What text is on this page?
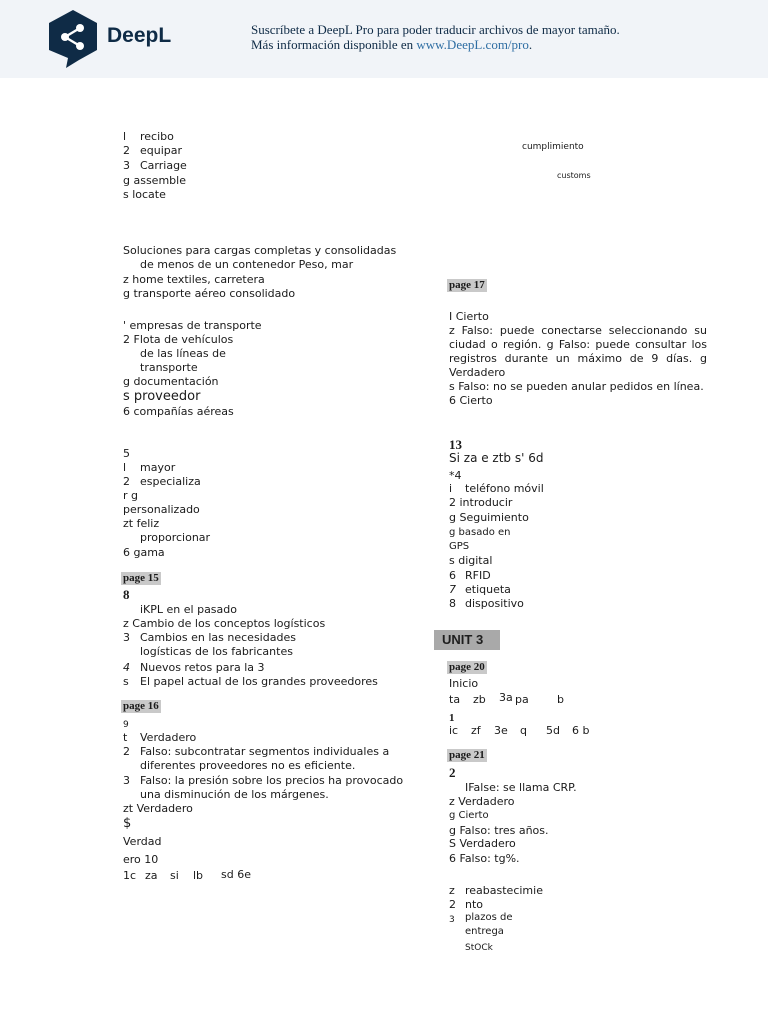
DeepL	Suscríbete a DeepL Pro para poder traducir archivos de mayor tamaño.
Más información disponible en www.DeepL.com/pro.
l recibo
2 equipar
3 Carriage
g assemble
s locate
Soluciones para cargas completas y consolidadas
de menos de un contenedor Peso, mar
z home textiles, carretera
g transporte aéreo consolidado
' empresas de transporte
2 Flota de vehículos
de las líneas de
transporte
g documentación
s proveedor
6 compañías aéreas
5
l mayor
2 especializa
r g
personalizado
zt feliz
proporcionar
6 gama
page 15
8
iKPL en el pasado
z Cambio de los conceptos logísticos
3 Cambios en las necesidades
logísticas de los fabricantes
4 Nuevos retos para la 3
s El papel actual de los grandes proveedores
page 16
9
t Verdadero
2 Falso: subcontratar segmentos individuales a
diferentes proveedores no es eficiente.
3 Falso: la presión sobre los precios ha provocado
una disminución de los márgenes.
zt Verdadero
$
Verdad
ero 10
1c za si lb sd 6e
cumplimiento
customs
page 17
I Cierto
z Falso: puede conectarse seleccionando su ciudad o región. g Falso: puede consultar los registros durante un máximo de 9 días. g Verdadero
s Falso: no se pueden anular pedidos en línea.
6 Cierto
13
Si za e ztb s' 6d
*4
i teléfono móvil
2 introducir
g Seguimiento
g basado en
GPS
s digital
6 RFID
7 etiqueta
8 dispositivo
UNIT 3
page 20
Inicio
ta zb 3a pa	b
1
ic zf 3e q 5d 6 b
page 21
2
IFalse: se llama CRP.
z Verdadero
g Cierto
g Falso: tres años.
S Verdadero
6 Falso: tg%.
z reabastecimie
2 nto
3 plazos de
entrega
StOCk
